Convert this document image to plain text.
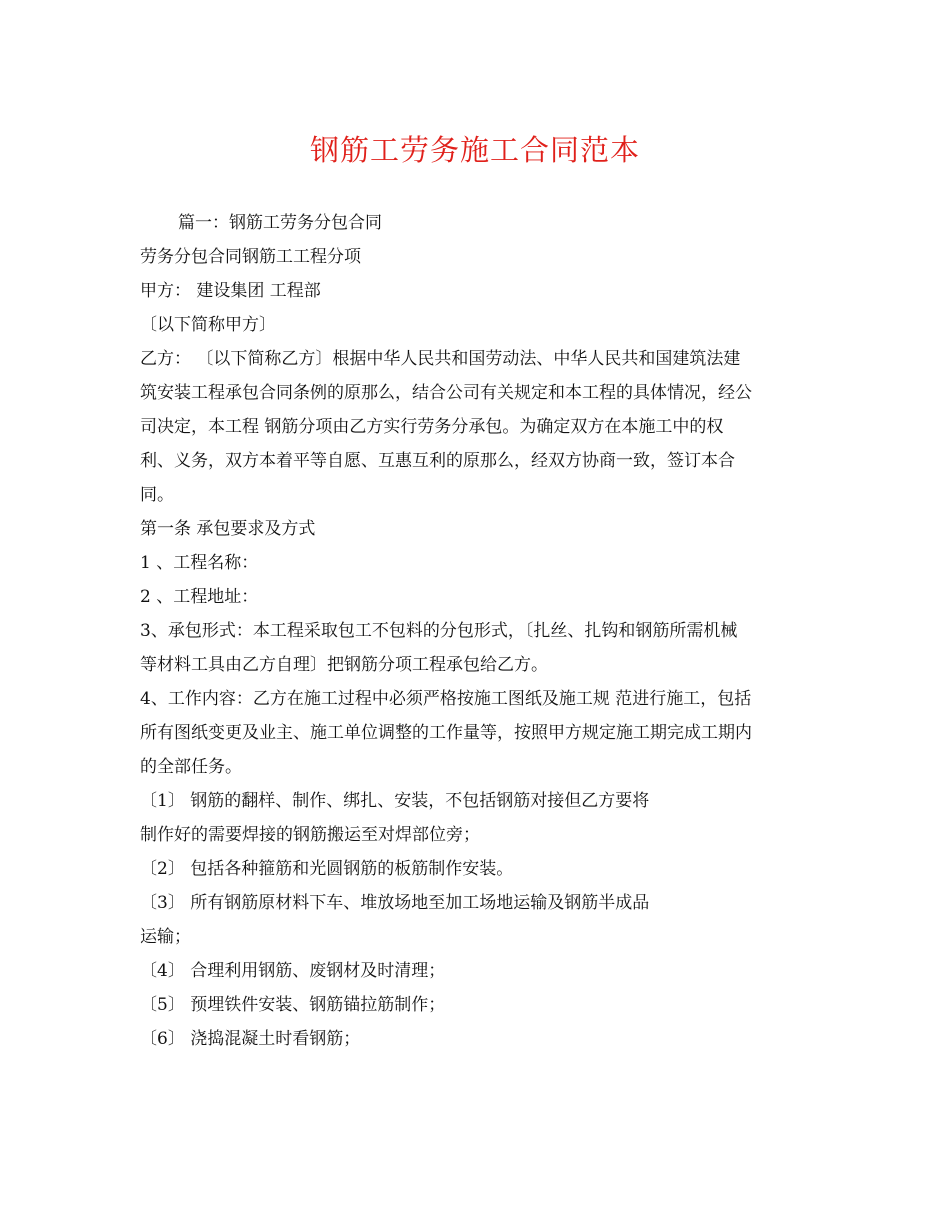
钢筋工劳务施工合同范本
篇一：钢筋工劳务分包合同
劳务分包合同钢筋工工程分项
甲方： 建设集团 工程部
〔以下简称甲方〕
乙方： 〔以下简称乙方〕根据中华人民共和国劳动法、中华人民共和国建筑法建
筑安装工程承包合同条例的原那么，结合公司有关规定和本工程的具体情况，经公
司决定，本工程 钢筋分项由乙方实行劳务分承包。为确定双方在本施工中的权
利、义务，双方本着平等自愿、互惠互利的原那么，经双方协商一致，签订本合
同。
第一条 承包要求及方式
1 、工程名称：
2 、工程地址：
3、承包形式：本工程采取包工不包料的分包形式，〔扎丝、扎钩和钢筋所需机械
等材料工具由乙方自理〕把钢筋分项工程承包给乙方。
4、工作内容：乙方在施工过程中必须严格按施工图纸及施工规 范进行施工，包括
所有图纸变更及业主、施工单位调整的工作量等，按照甲方规定施工期完成工期内
的全部任务。
〔1〕 钢筋的翻样、制作、绑扎、安装，不包括钢筋对接但乙方要将
制作好的需要焊接的钢筋搬运至对焊部位旁；
〔2〕 包括各种箍筋和光圆钢筋的板筋制作安装。
〔3〕 所有钢筋原材料下车、堆放场地至加工场地运输及钢筋半成品
运输；
〔4〕 合理利用钢筋、废钢材及时清理；
〔5〕 预埋铁件安装、钢筋锚拉筋制作；
〔6〕 浇捣混凝土时看钢筋；
